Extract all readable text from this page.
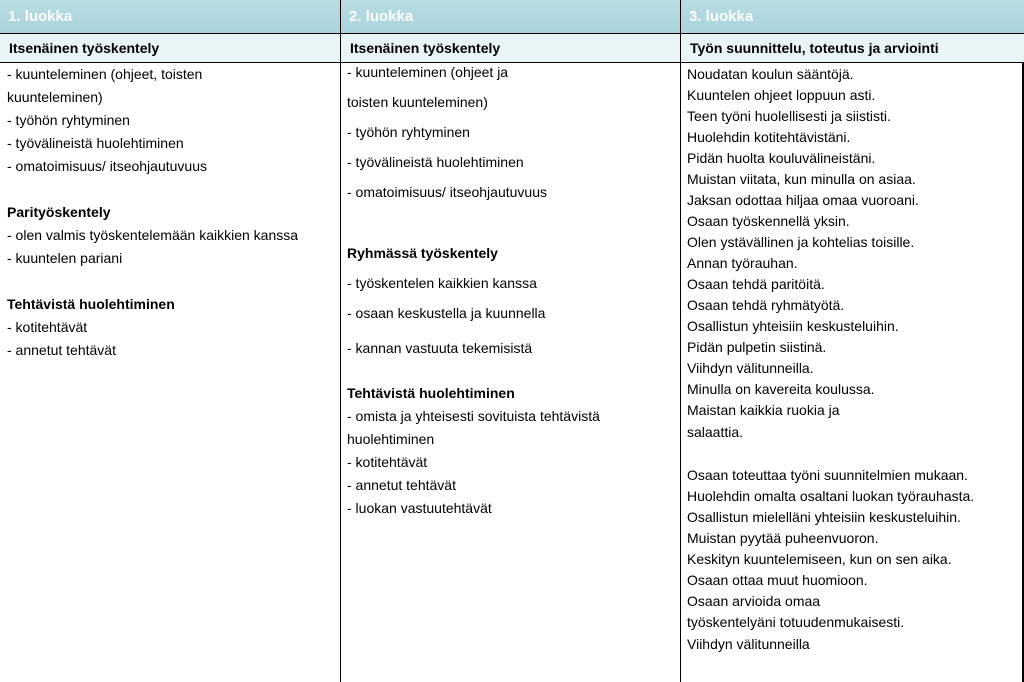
1. luokka
Itsenäinen työskentely
- kuunteleminen (ohjeet, toisten
kuunteleminen)
- työhön ryhtyminen
- työvälineistä huolehtiminen
- omatoimisuus/ itseohjautuvuus
Parityöskentely
- olen valmis työskentelemään kaikkien kanssa
- kuuntelen pariani
Tehtävistä huolehtiminen
- kotitehtävät
- annetut tehtävät
2. luokka
Itsenäinen työskentely
- kuunteleminen (ohjeet ja
toisten kuunteleminen)
- työhön ryhtyminen
- työvälineistä huolehtiminen
- omatoimisuus/ itseohjautuvuus
Ryhmässä työskentely
- työskentelen kaikkien kanssa
- osaan keskustella ja kuunnella
- kannan vastuuta tekemisistä
Tehtävistä huolehtiminen
- omista ja yhteisesti sovituista tehtävistä
huolehtiminen
- kotitehtävät
- annetut tehtävät
- luokan vastuutehtävät
3. luokka
Työn suunnittelu, toteutus ja arviointi
Noudatan koulun sääntöjä.
Kuuntelen ohjeet loppuun asti.
Teen työni huolellisesti ja siististi.
Huolehdin kotitehtävistäni.
Pidän huolta kouluvälineistäni.
Muistan viitata, kun minulla on asiaa.
Jaksan odottaa hiljaa omaa vuoroani.
Osaan työskennellä yksin.
Olen ystävällinen ja kohtelias toisille.
Annan työrauhan.
Osaan tehdä paritöitä.
Osaan tehdä ryhmätyötä.
Osallistun yhteisiin keskusteluihin.
Pidän pulpetin siistinä.
Viihdyn välitunneilla.
Minulla on kavereita koulussa.
Maistan kaikkia ruokia ja
salaattia.
Osaan toteuttaa työni suunnitelmien mukaan.
Huolehdin omalta osaltani luokan työrauhasta.
Osallistun mielelläni yhteisiin keskusteluihin.
Muistan pyytää puheenvuoron.
Keskityn kuuntelemiseen, kun on sen aika.
Osaan ottaa muut huomioon.
Osaan arvioida omaa
työskentelyäni totuudenmukaisesti.
Viihdyn välitunneilla
